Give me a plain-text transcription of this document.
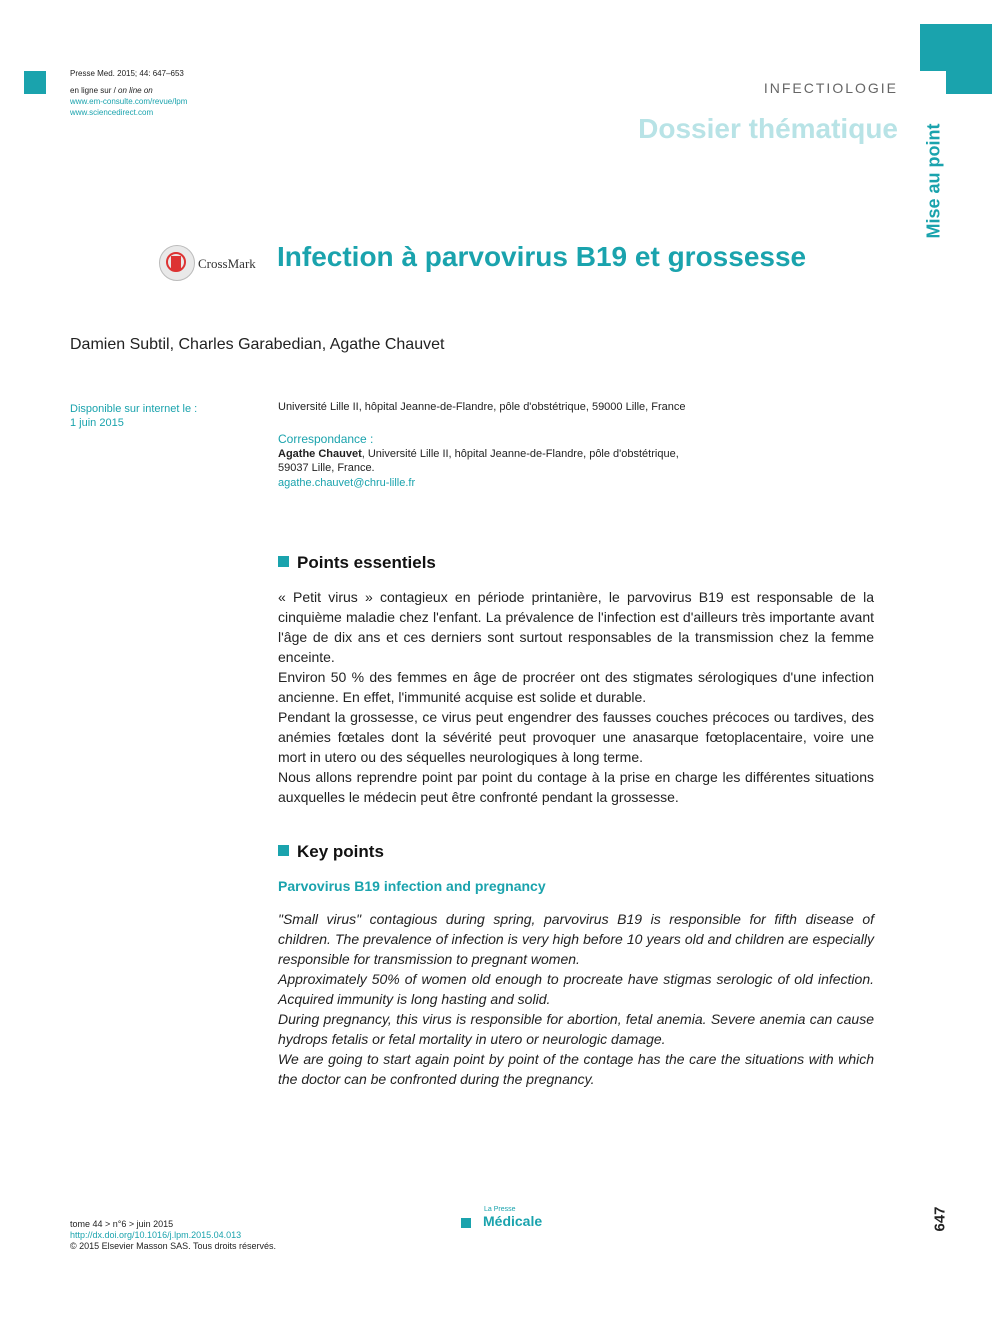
Presse Med. 2015; 44: 647–653
en ligne sur / on line on
www.em-consulte.com/revue/lpm
www.sciencedirect.com
INFECTIOLOGIE
Dossier thématique Mise au point
CrossMark Infection à parvovirus B19 et grossesse
Damien Subtil, Charles Garabedian, Agathe Chauvet
Disponible sur internet le :
1 juin 2015
Université Lille II, hôpital Jeanne-de-Flandre, pôle d'obstétrique, 59000 Lille, France
Correspondance :
Agathe Chauvet, Université Lille II, hôpital Jeanne-de-Flandre, pôle d'obstétrique,
59037 Lille, France.
agathe.chauvet@chru-lille.fr
Points essentiels

« Petit virus » contagieux en période printanière, le parvovirus B19 est responsable de la cinquième maladie chez l'enfant. La prévalence de l'infection est d'ailleurs très importante avant l'âge de dix ans et ces derniers sont surtout responsables de la transmission chez la femme enceinte.

Environ 50 % des femmes en âge de procréer ont des stigmates sérologiques d'une infection ancienne. En effet, l'immunité acquise est solide et durable.

Pendant la grossesse, ce virus peut engendrer des fausses couches précoces ou tardives, des anémies fœtales dont la sévérité peut provoquer une anasarque fœtoplacentaire, voire une mort in utero ou des séquelles neurologiques à long terme.

Nous allons reprendre point par point du contage à la prise en charge les différentes situations auxquelles le médecin peut être confronté pendant la grossesse.

Key points
Parvovirus B19 infection and pregnancy

"Small virus" contagious during spring, parvovirus B19 is responsible for fifth disease of children. The prevalence of infection is very high before 10 years old and children are especially responsible for transmission to pregnant women.

Approximately 50% of women old enough to procreate have stigmas serologic of old infection. Acquired immunity is long hasting and solid.

During pregnancy, this virus is responsible for abortion, fetal anemia. Severe anemia can cause hydrops fetalis or fetal mortality in utero or neurologic damage.

We are going to start again point by point of the contage has the care the situations with which the doctor can be confronted during the pregnancy.

tome 44 > n°6 > juin 2015
http://dx.doi.org/10.1016/j.lpm.2015.04.013
© 2015 Elsevier Masson SAS. Tous droits réservés.
La Presse
Médicale	647
